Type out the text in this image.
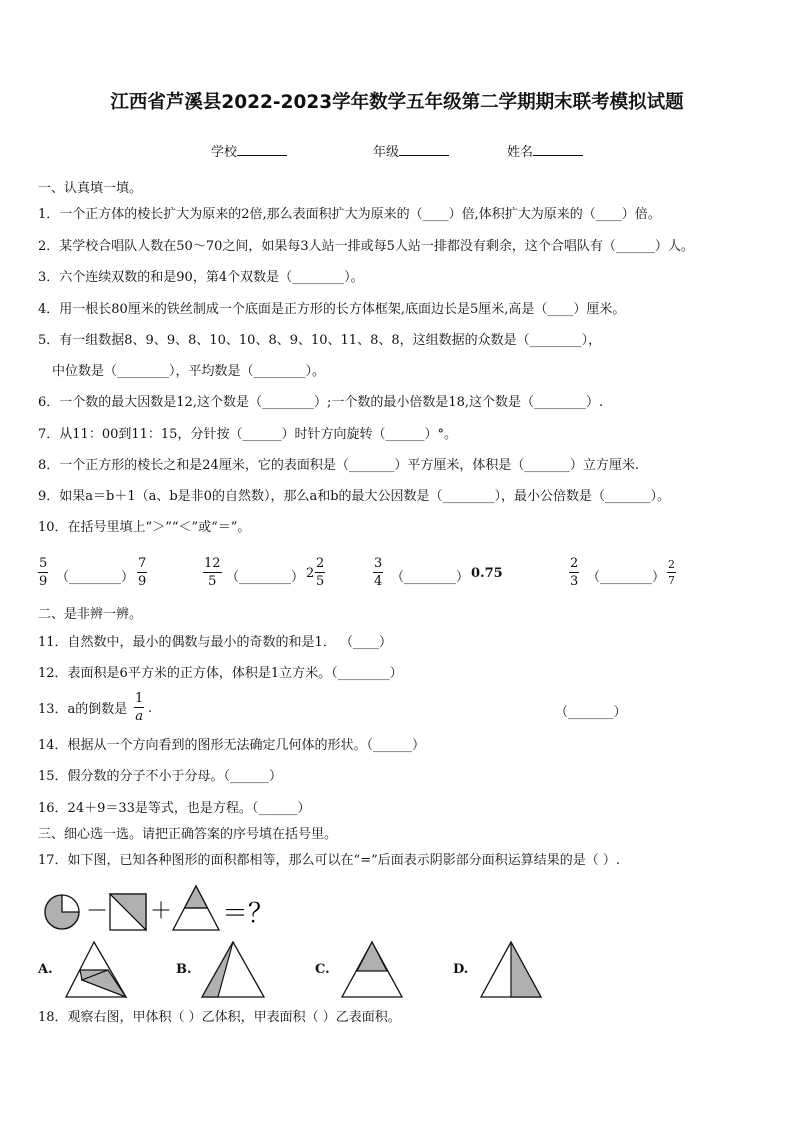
江西省芦溪县2022-2023学年数学五年级第二学期期末联考模拟试题
学校	年级	姓名
一、认真填一填。
1．一个正方体的棱长扩大为原来的2倍,那么表面积扩大为原来的（____）倍,体积扩大为原来的（____）倍。
2．某学校合唱队人数在50～70之间，如果每3人站一排或每5人站一排都没有剩余，这个合唱队有（______）人。
3．六个连续双数的和是90，第4个双数是（________）。
4．用一根长80厘米的铁丝制成一个底面是正方形的长方体框架,底面边长是5厘米,高是（____）厘米。
5．有一组数据8、9、9、8、10、10、8、9、10、11、8、8，这组数据的众数是（________），
中位数是（________），平均数是（________）。
6．一个数的最大因数是12,这个数是（________）;一个数的最小倍数是18,这个数是（________）.
7．从11：00到11：15，分针按（______）时针方向旋转（______）°。
8．一个正方形的棱长之和是24厘米，它的表面积是（_______）平方厘米，体积是（_______）立方厘米.
9．如果a＝b＋1（a、b是非0的自然数），那么a和b的最大公因数是（________），最小公倍数是（_______）。
10．在括号里填上“＞”“＜”或“＝”。
5
9 （________）
7
9
12
5 （________） 2
2
5
3
4 （________） 0.75
2
3 （________）
2
7
二、是非辨一辨。
11．自然数中，最小的偶数与最小的奇数的和是1． （____）
12．表面积是6平方米的正方体，体积是1立方米。（________）
13．a的倒数是
1
a
.	（_______）
14．根据从一个方向看到的图形无法确定几何体的形状。（______）
15．假分数的分子不小于分母。（______）
16．24＋9＝33是等式，也是方程。（______）
三、细心选一选。请把正确答案的序号填在括号里。
17．如下图，已知各种图形的面积都相等，那么可以在“=”后面表示阴影部分面积运算结果的是（ ）.
－ ＋ ＝？
A.	B.	C.	D.
18．观察右图，甲体积（ ）乙体积，甲表面积（ ）乙表面积。
